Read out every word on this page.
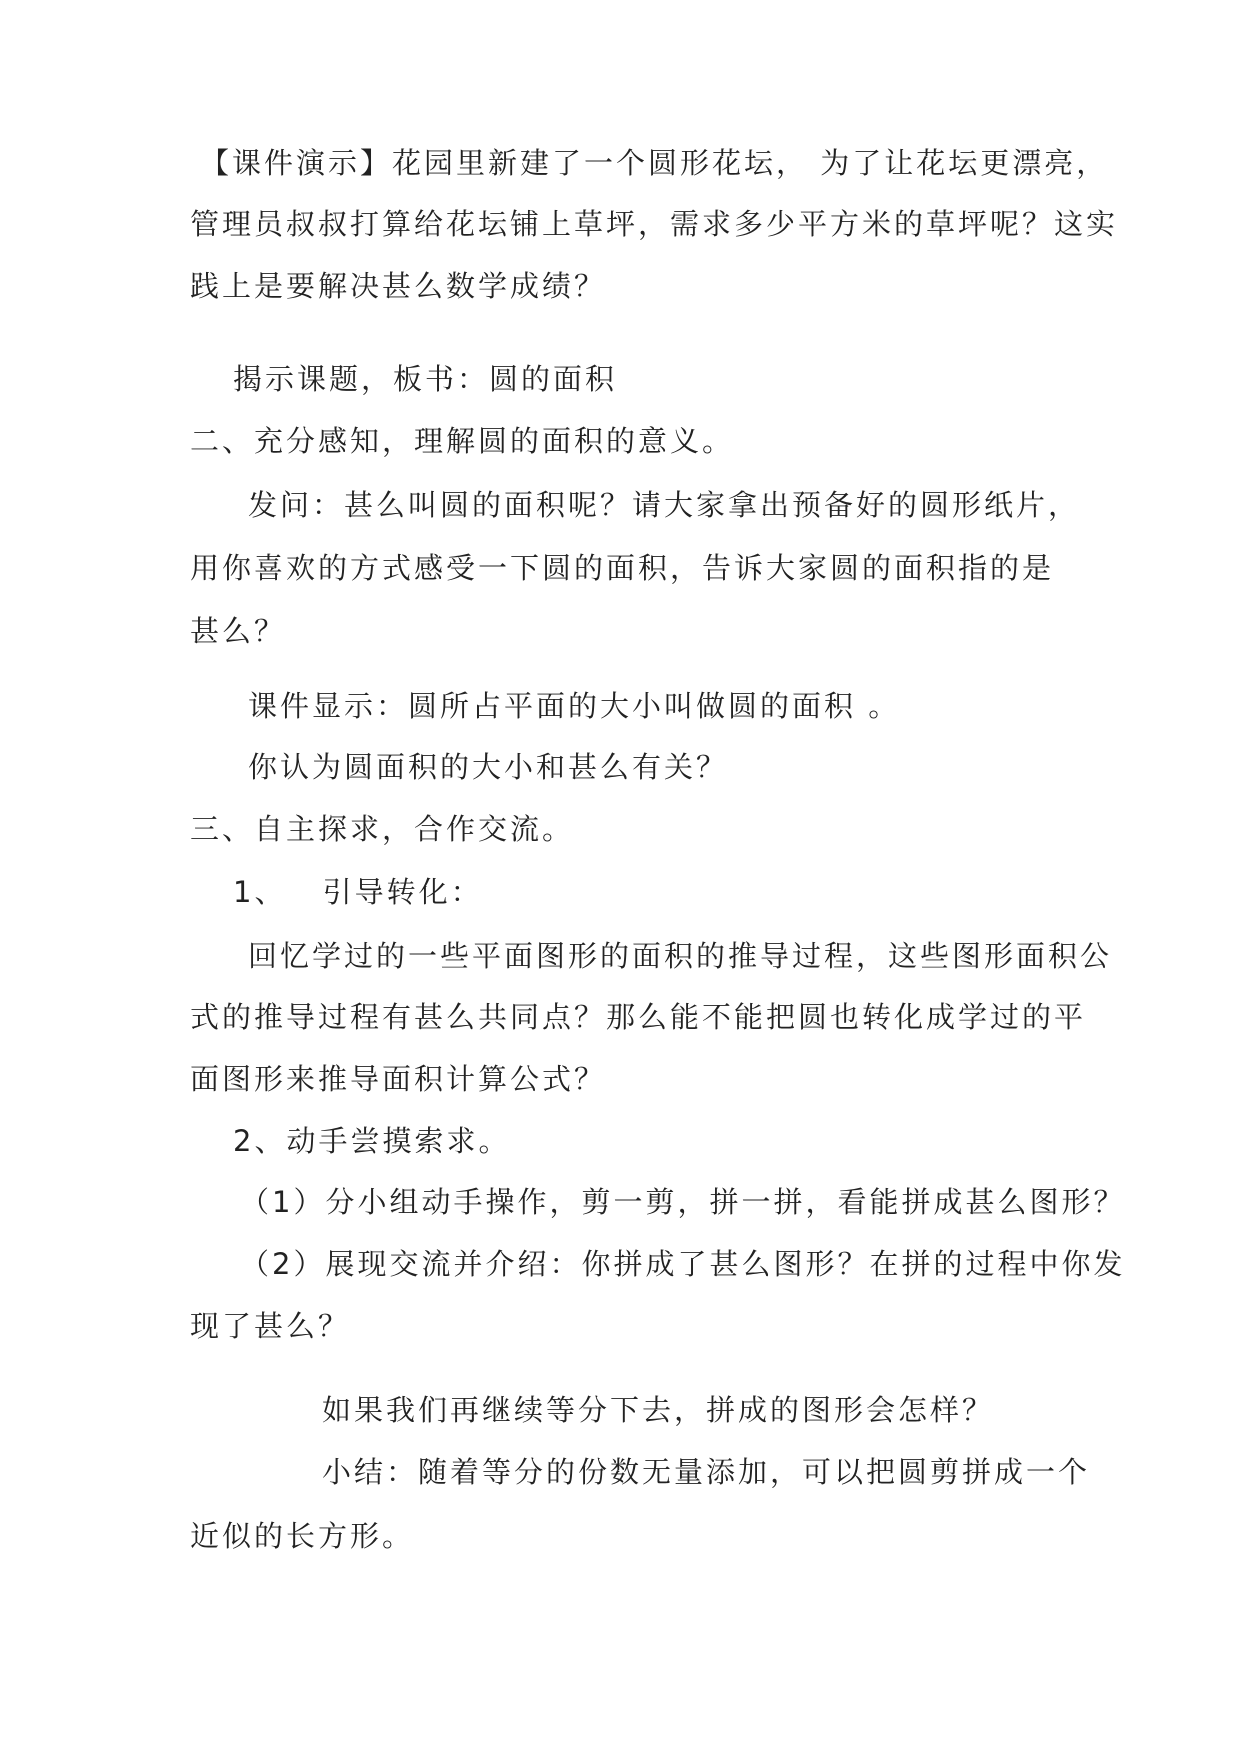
【课件演示】花园里新建了一个圆形花坛， 为了让花坛更漂亮，
管理员叔叔打算给花坛铺上草坪，需求多少平方米的草坪呢？这实
践上是要解决甚么数学成绩？
揭示课题，板书：圆的面积
二、充分感知，理解圆的面积的意义。
发问：甚么叫圆的面积呢？请大家拿出预备好的圆形纸片，
用你喜欢的方式感受一下圆的面积，告诉大家圆的面积指的是
甚么？
课件显示：圆所占平面的大小叫做圆的面积 。
你认为圆面积的大小和甚么有关？
三、自主探求，合作交流。
1、 引导转化：
回忆学过的一些平面图形的面积的推导过程，这些图形面积公
式的推导过程有甚么共同点？那么能不能把圆也转化成学过的平
面图形来推导面积计算公式？
2、动手尝摸索求。
（1）分小组动手操作，剪一剪，拼一拼，看能拼成甚么图形？
（2）展现交流并介绍：你拼成了甚么图形？在拼的过程中你发
现了甚么？
如果我们再继续等分下去，拼成的图形会怎样？
小结：随着等分的份数无量添加，可以把圆剪拼成一个
近似的长方形。
